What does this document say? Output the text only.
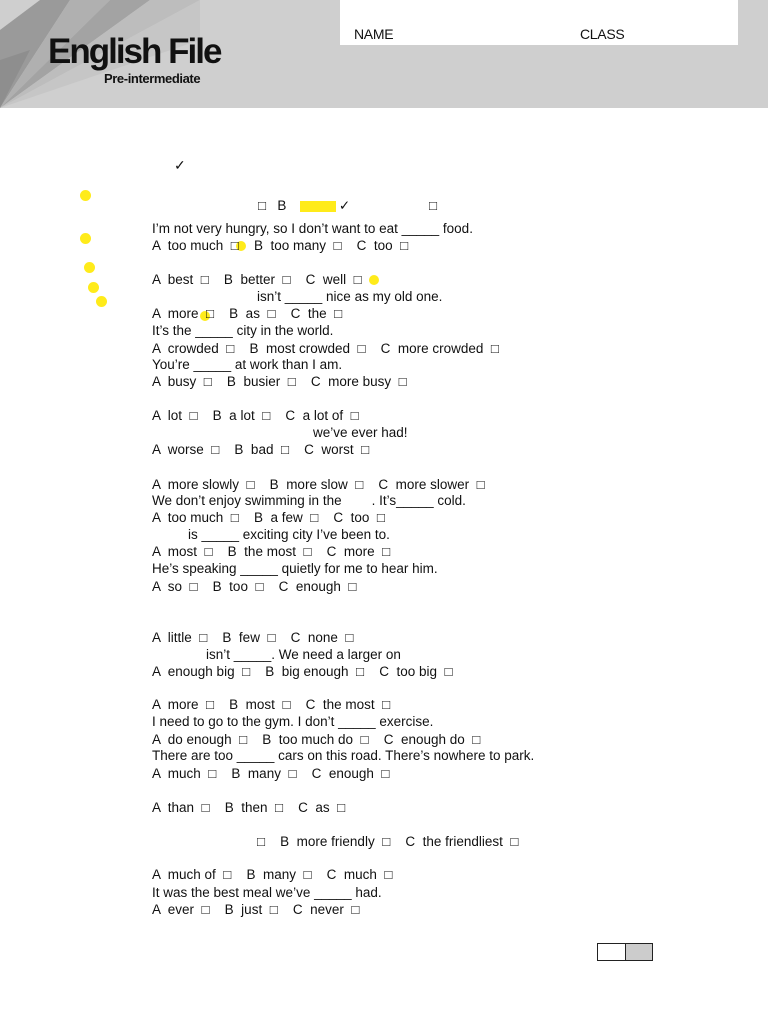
English File
Pre-intermediate
NAME	CLASS
✓
□   B              ✓                     □
I’m not very hungry, so I don’t want to eat _____ food.
A  too much  □    B  too many  □    C  too  □
A  best  □    B  better  □    C  well  □
isn’t _____ nice as my old one.
A  more  □    B  as  □    C  the  □
It’s the _____ city in the world.
A  crowded  □    B  most crowded  □    C  more crowded  □
You’re _____ at work than I am.
A  busy  □    B  busier  □    C  more busy  □
A  lot  □    B  a lot  □    C  a lot of  □
we’ve ever had!
A  worse  □    B  bad  □    C  worst  □
A  more slowly  □    B  more slow  □    C  more slower  □
We don’t enjoy swimming in the        . It’s_____ cold.
A  too much  □    B  a few  □    C  too  □
is _____ exciting city I’ve been to.
A  most  □    B  the most  □    C  more  □
He’s speaking _____ quietly for me to hear him.
A  so  □    B  too  □    C  enough  □
A  little  □    B  few  □    C  none  □
isn’t _____. We need a larger on
A  enough big  □    B  big enough  □    C  too big  □
A  more  □    B  most  □    C  the most  □
I need to go to the gym. I don’t _____ exercise.
A  do enough  □    B  too much do  □    C  enough do  □
There are too _____ cars on this road. There’s nowhere to park.
A  much  □    B  many  □    C  enough  □
A  than  □    B  then  □    C  as  □
□    B  more friendly  □    C  the friendliest  □
A  much of  □    B  many  □    C  much  □
It was the best meal we’ve _____ had.
A  ever  □    B  just  □    C  never  □
